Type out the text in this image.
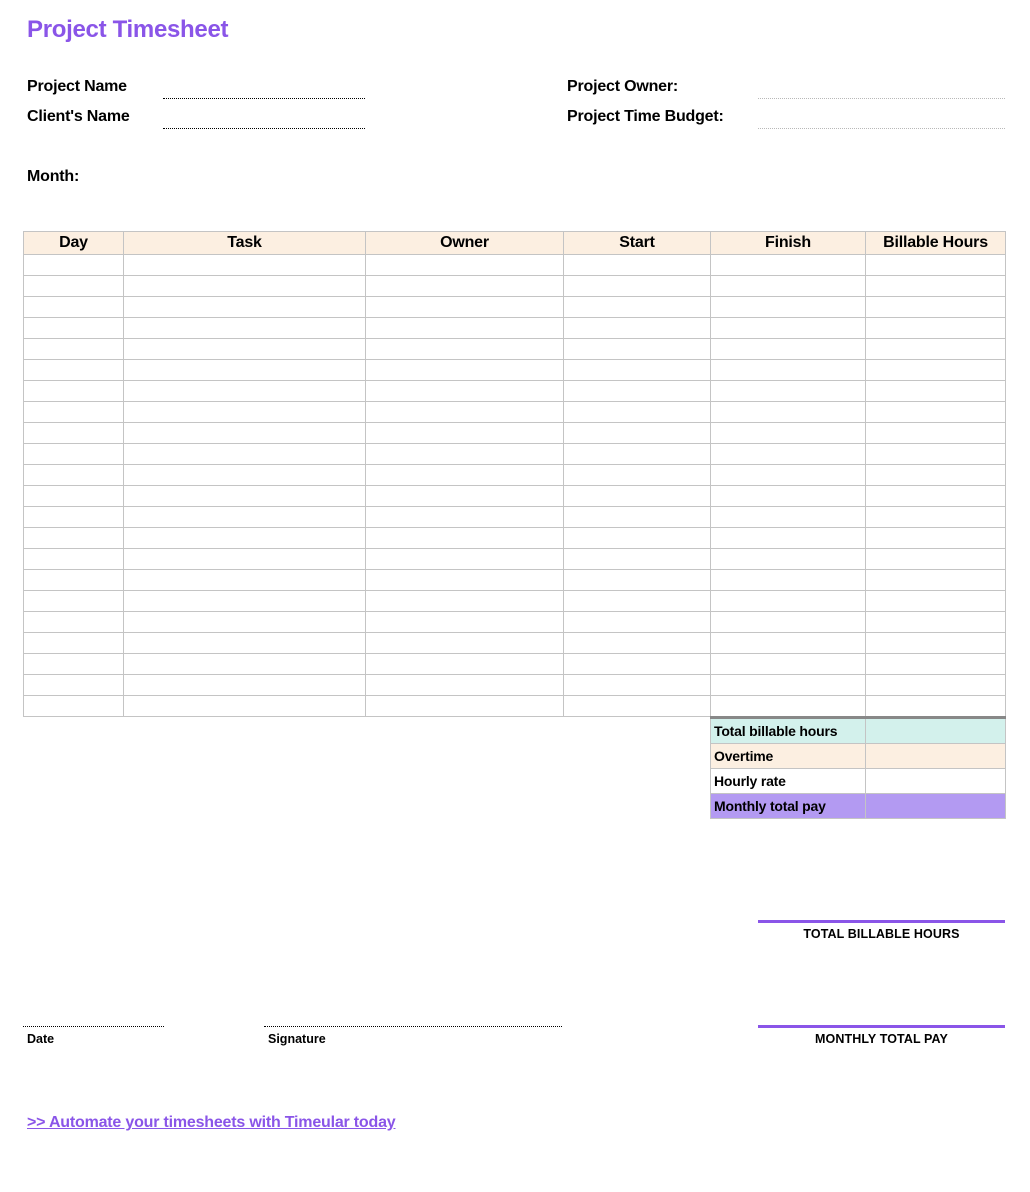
Project Timesheet
Project Name
Client's Name
Project Owner:
Project Time Budget:
Month:
Day	Task	Owner	Start	Finish	Billable Hours

Total billable hours	
Overtime	
Hourly rate	
Monthly total pay	
TOTAL BILLABLE HOURS
MONTHLY TOTAL PAY
Date	Signature
>> Automate your timesheets with Timeular today
